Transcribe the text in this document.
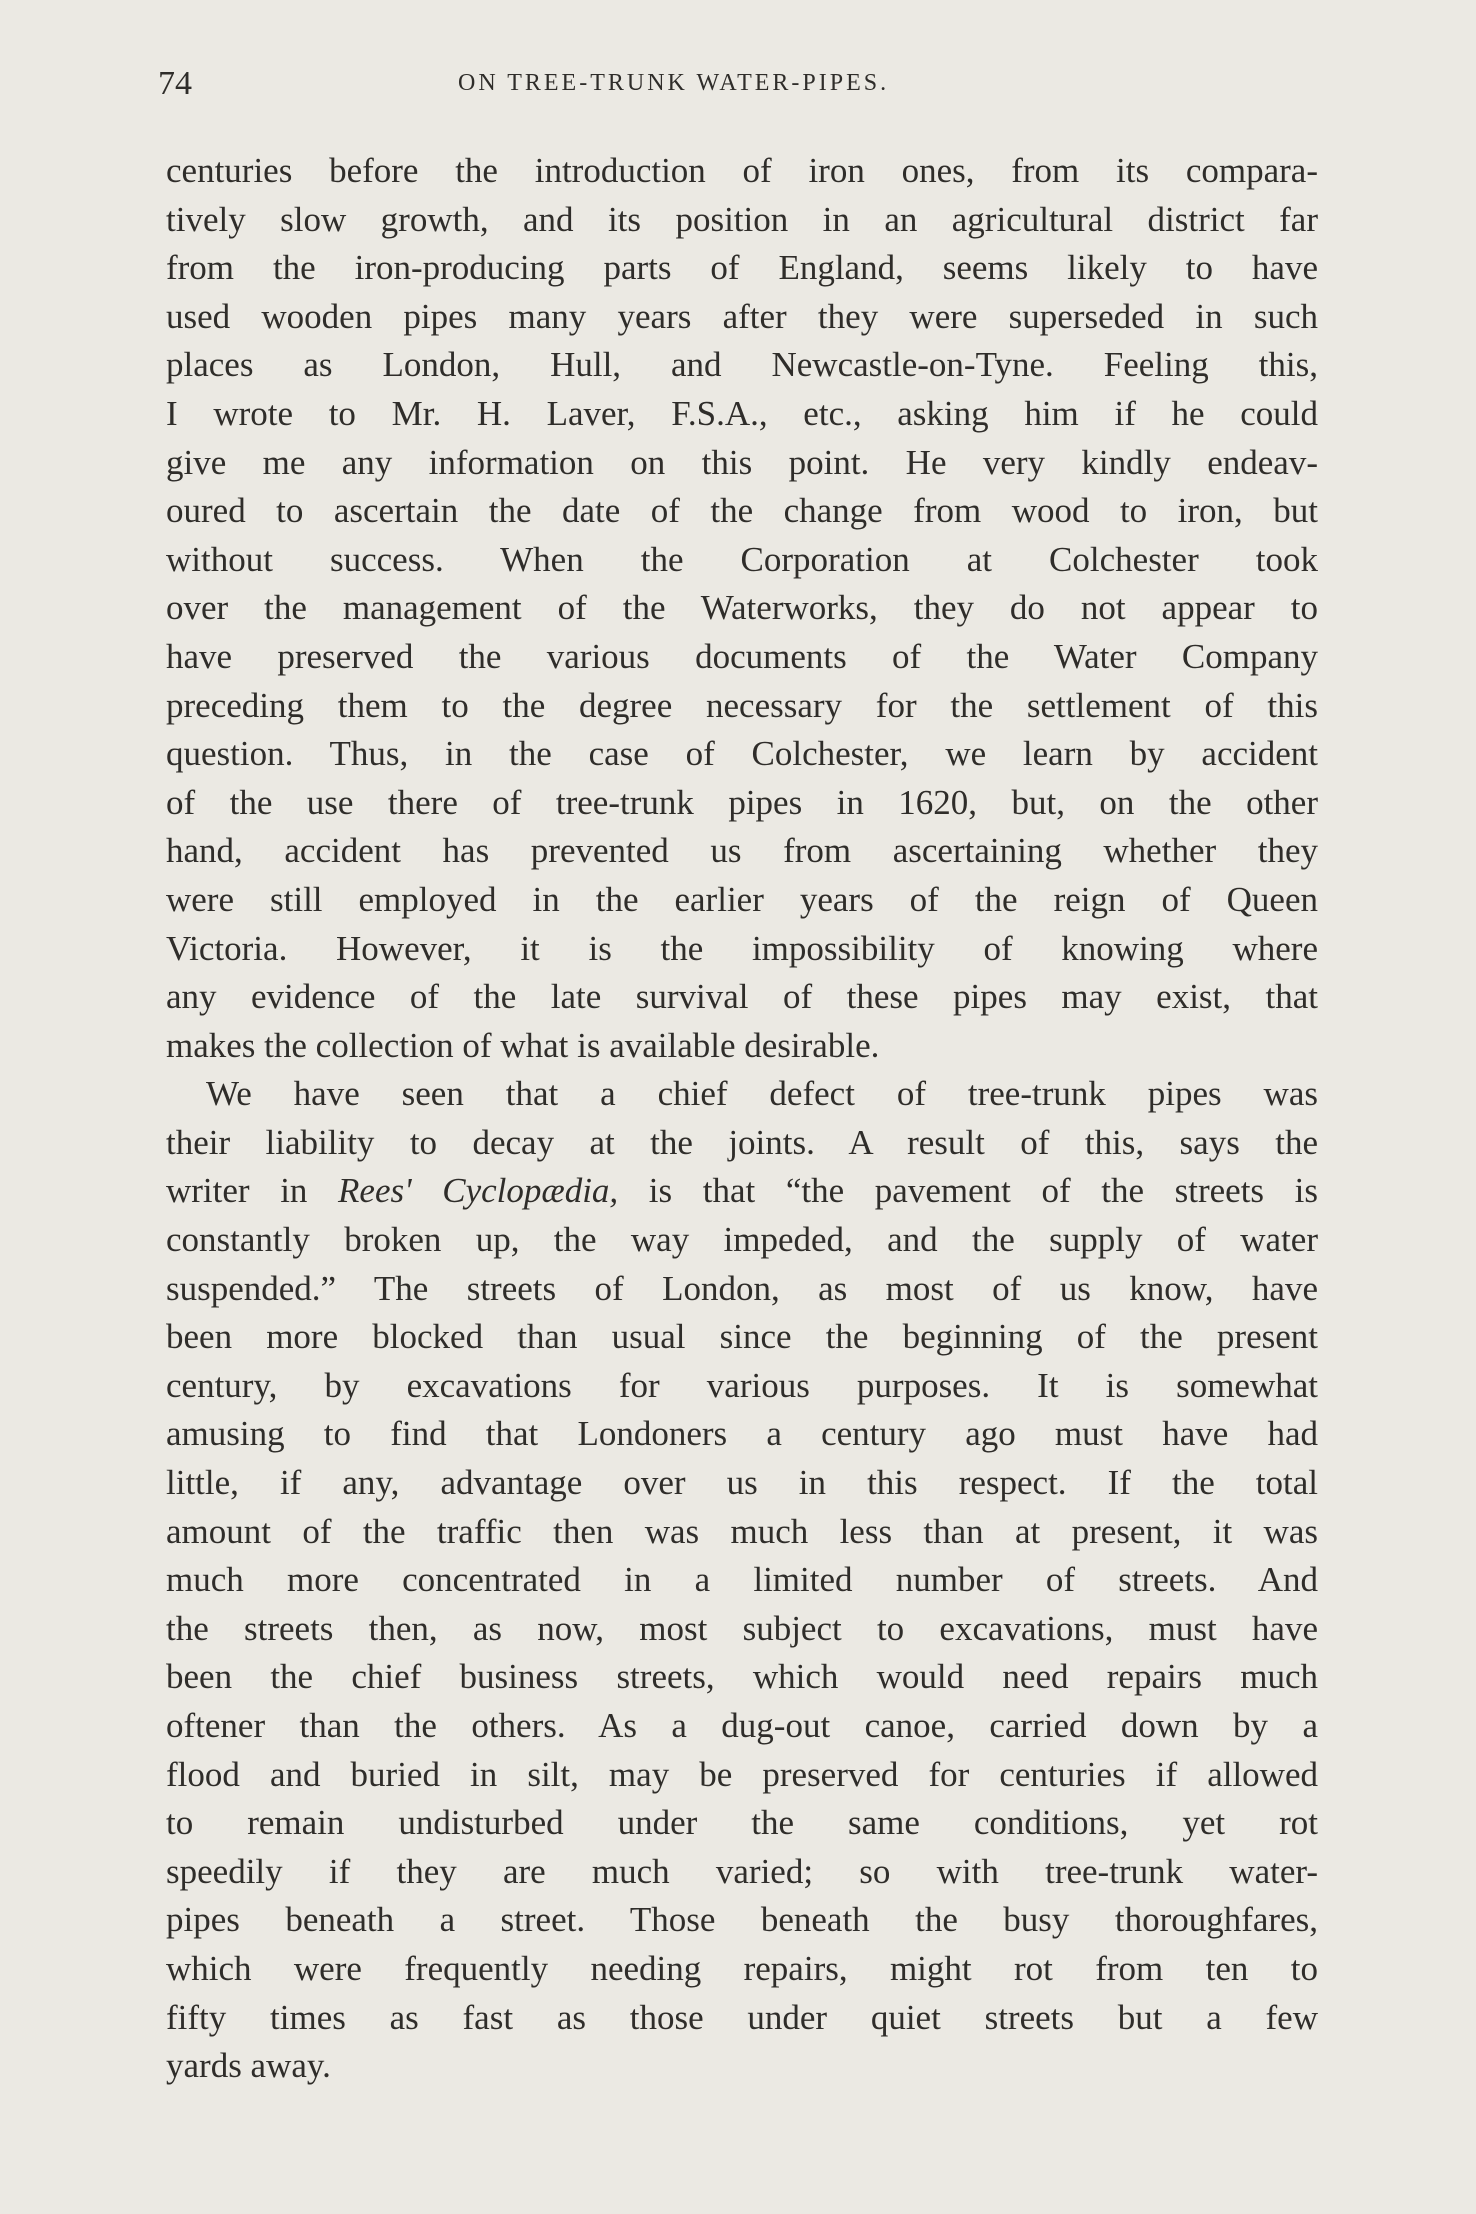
74	ON TREE-TRUNK WATER-PIPES.
centuries before the introduction of iron ones, from its compara-
tively slow growth, and its position in an agricultural district far
from the iron-producing parts of England, seems likely to have
used wooden pipes many years after they were superseded in such
places as London, Hull, and Newcastle-on-Tyne. Feeling this,
I wrote to Mr. H. Laver, F.S.A., etc., asking him if he could
give me any information on this point. He very kindly endeav-
oured to ascertain the date of the change from wood to iron, but
without success. When the Corporation at Colchester took
over the management of the Waterworks, they do not appear to
have preserved the various documents of the Water Company
preceding them to the degree necessary for the settlement of this
question. Thus, in the case of Colchester, we learn by accident
of the use there of tree-trunk pipes in 1620, but, on the other
hand, accident has prevented us from ascertaining whether they
were still employed in the earlier years of the reign of Queen
Victoria. However, it is the impossibility of knowing where
any evidence of the late survival of these pipes may exist, that
makes the collection of what is available desirable.
We have seen that a chief defect of tree-trunk pipes was
their liability to decay at the joints. A result of this, says the
writer in Rees' Cyclopædia, is that “the pavement of the streets is
constantly broken up, the way impeded, and the supply of water
suspended.” The streets of London, as most of us know, have
been more blocked than usual since the beginning of the present
century, by excavations for various purposes. It is somewhat
amusing to find that Londoners a century ago must have had
little, if any, advantage over us in this respect. If the total
amount of the traffic then was much less than at present, it was
much more concentrated in a limited number of streets. And
the streets then, as now, most subject to excavations, must have
been the chief business streets, which would need repairs much
oftener than the others. As a dug-out canoe, carried down by a
flood and buried in silt, may be preserved for centuries if allowed
to remain undisturbed under the same conditions, yet rot
speedily if they are much varied; so with tree-trunk water-
pipes beneath a street. Those beneath the busy thoroughfares,
which were frequently needing repairs, might rot from ten to
fifty times as fast as those under quiet streets but a few
yards away.
